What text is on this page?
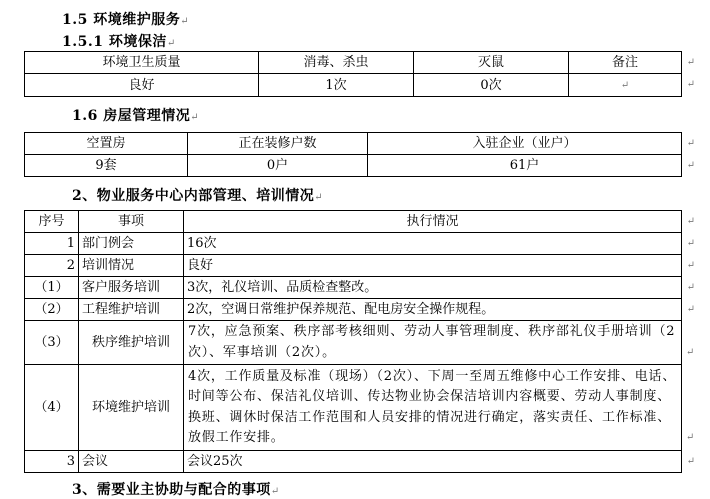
1.5 环境维护服务↵
1.5.1 环境保洁↵
环境卫生质量	消毒、杀虫	灭鼠	备注 ↵

良好	1次	0次	↵ ↵
1.6 房屋管理情况↵
空置房	正在装修户数	入驻企业（业户） ↵

9套	0户	61户 ↵
2、物业服务中心内部管理、培训情况↵
序号	事项	执行情况 ↵

1	部门例会	16次 ↵

2	培训情况	良好 ↵

（1）	客户服务培训	3次，礼仪培训、品质检查整改。 ↵

（2）	工程维护培训	2次，空调日常维护保养规范、配电房安全操作规程。 ↵

（3）	秩序维护培训	7次，应急预案、秩序部考核细则、劳动人事管理制度、秩序部礼仪手册培训（2次）、军事培训（2次）。 ↵

（4）	环境维护培训	4次，工作质量及标准（现场）（2次）、下周一至周五维修中心工作安排、电话、时间等公布、保洁礼仪培训、传达物业协会保洁培训内容概要、劳动人事制度、换班、调休时保洁工作范围和人员安排的情况进行确定，落实责任、工作标准、放假工作安排。 ↵

3	会议	会议25次 ↵
3、需要业主协助与配合的事项↵
